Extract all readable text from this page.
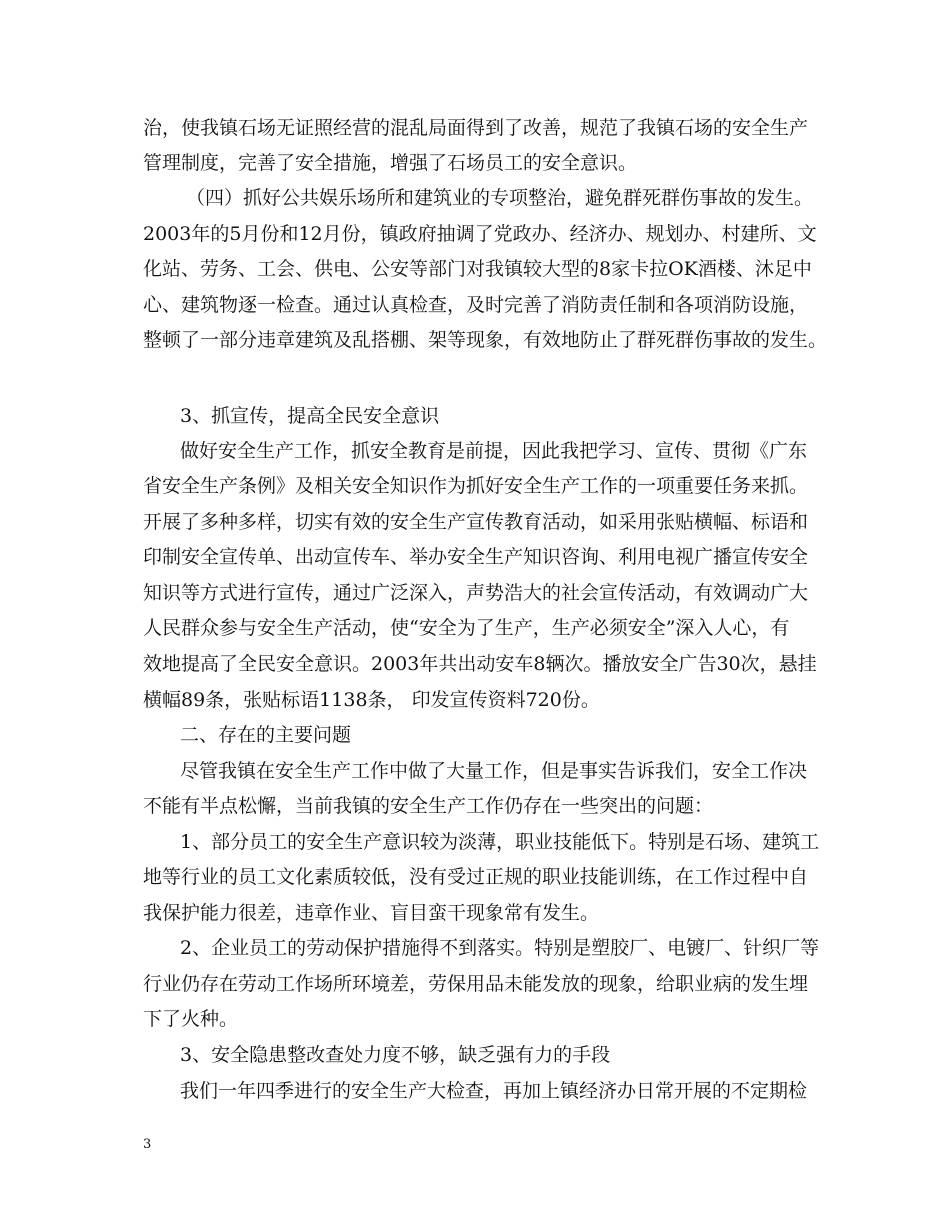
治，使我镇石场无证照经营的混乱局面得到了改善，规范了我镇石场的安全生产
管理制度，完善了安全措施，增强了石场员工的安全意识。
（四）抓好公共娱乐场所和建筑业的专项整治，避免群死群伤事故的发生。
2003年的5月份和12月份，镇政府抽调了党政办、经济办、规划办、村建所、文
化站、劳务、工会、供电、公安等部门对我镇较大型的8家卡拉OK酒楼、沐足中
心、建筑物逐一检查。通过认真检查，及时完善了消防责任制和各项消防设施，
整顿了一部分违章建筑及乱搭棚、架等现象，有效地防止了群死群伤事故的发生。
3、抓宣传，提高全民安全意识
做好安全生产工作，抓安全教育是前提，因此我把学习、宣传、贯彻《广东
省安全生产条例》及相关安全知识作为抓好安全生产工作的一项重要任务来抓。
开展了多种多样，切实有效的安全生产宣传教育活动，如采用张贴横幅、标语和
印制安全宣传单、出动宣传车、举办安全生产知识咨询、利用电视广播宣传安全
知识等方式进行宣传，通过广泛深入，声势浩大的社会宣传活动，有效调动广大
人民群众参与安全生产活动，使“安全为了生产，生产必须安全”深入人心，有
效地提高了全民安全意识。2003年共出动安车8辆次。播放安全广告30次，悬挂
横幅89条，张贴标语1138条， 印发宣传资料720份。
二、存在的主要问题
尽管我镇在安全生产工作中做了大量工作，但是事实告诉我们，安全工作决
不能有半点松懈，当前我镇的安全生产工作仍存在一些突出的问题：
1、部分员工的安全生产意识较为淡薄，职业技能低下。特别是石场、建筑工
地等行业的员工文化素质较低，没有受过正规的职业技能训练，在工作过程中自
我保护能力很差，违章作业、盲目蛮干现象常有发生。
2、企业员工的劳动保护措施得不到落实。特别是塑胶厂、电镀厂、针织厂等
行业仍存在劳动工作场所环境差，劳保用品未能发放的现象，给职业病的发生埋
下了火种。
3、安全隐患整改查处力度不够，缺乏强有力的手段
我们一年四季进行的安全生产大检查，再加上镇经济办日常开展的不定期检
3
